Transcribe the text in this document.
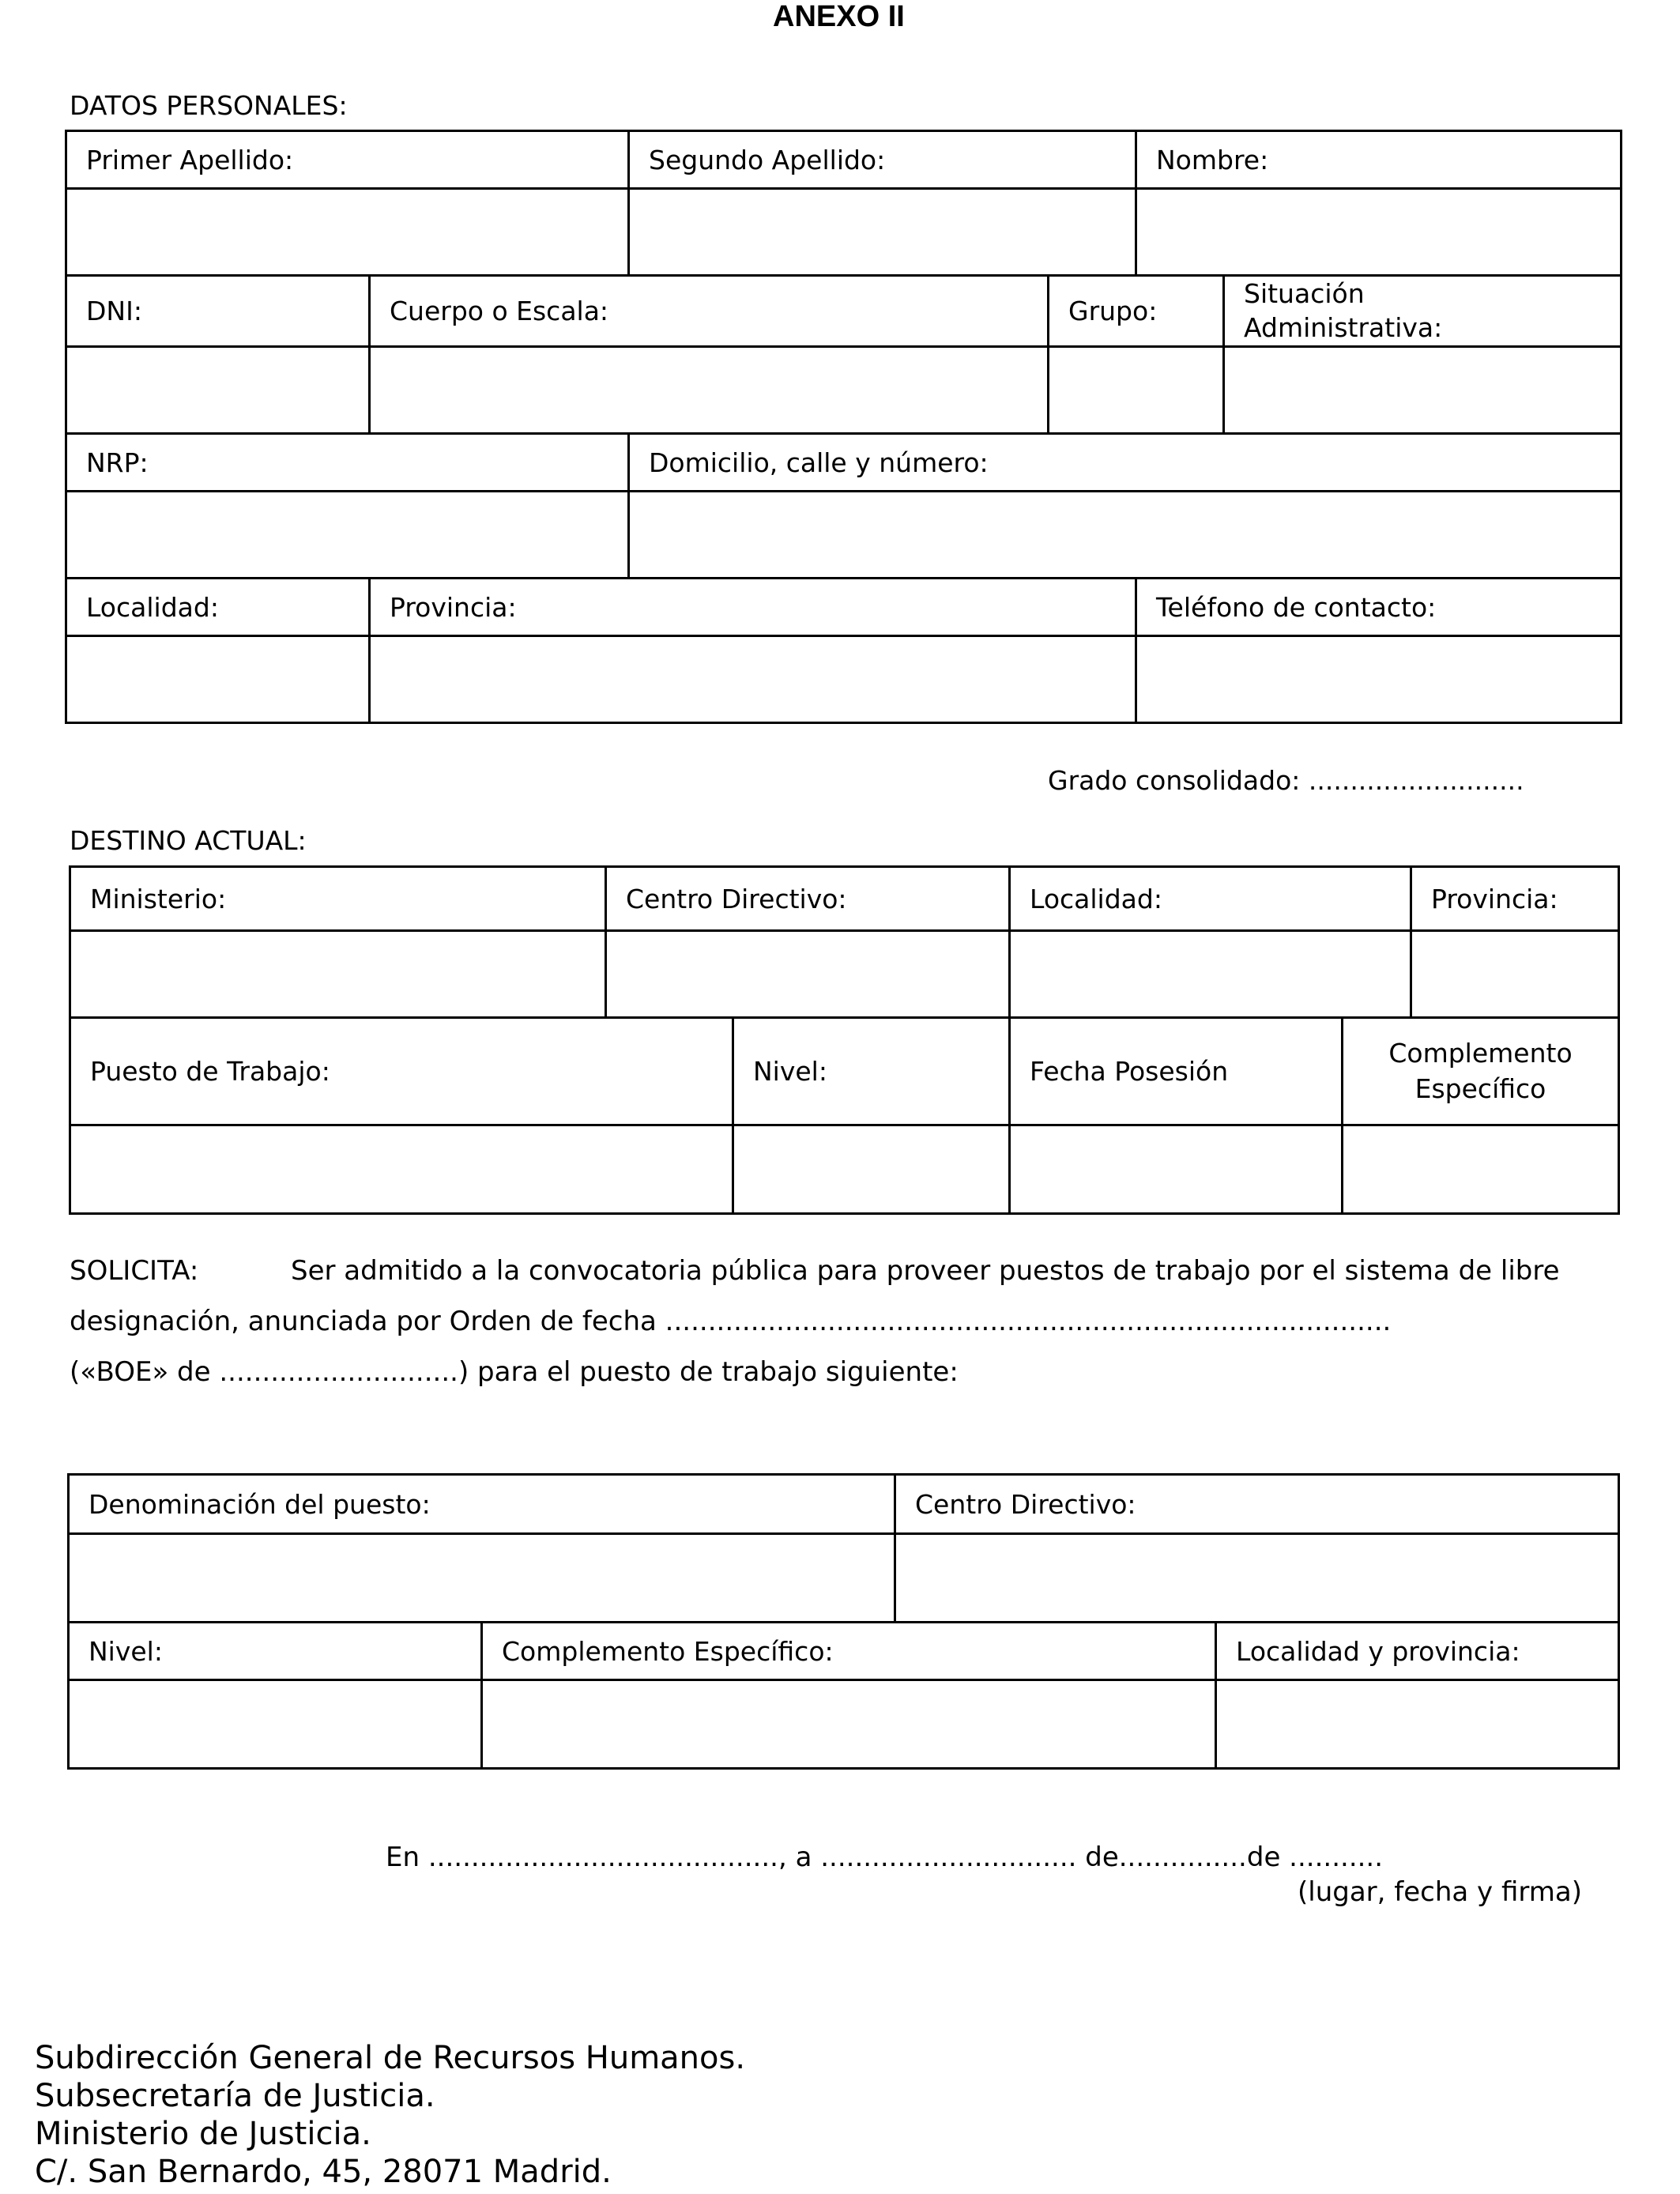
ANEXO II
DATOS PERSONALES:
Primer Apellido:		Segundo Apellido:		Nombre:	

DNI:	Cuerpo o Escala:		Grupo:		Situación
Administrativa:

NRP:		Domicilio, calle y número:			

Localidad:	Provincia:			Teléfono de contacto:	

Grado consolidado: ..........................
DESTINO ACTUAL:
Ministerio:	Centro Directivo:		Localidad:		Provincia:

Puesto de Trabajo:		Nivel:	Fecha Posesión	Complemento
Específico	

SOLICITA:	Ser admitido a la convocatoria pública para proveer puestos de trabajo por el sistema de libre
designación, anunciada por Orden de fecha .....................................................................................
(«BOE» de ............................) para el puesto de trabajo siguiente:
Denominación del puesto:		Centro Directivo:	

Nivel:	Complemento Específico:		Localidad y provincia:

En ........................................., a .............................. de...............de ...........
(lugar, fecha y firma)
Subdirección General de Recursos Humanos.
Subsecretaría de Justicia.
Ministerio de Justicia.
C/. San Bernardo, 45, 28071 Madrid.
